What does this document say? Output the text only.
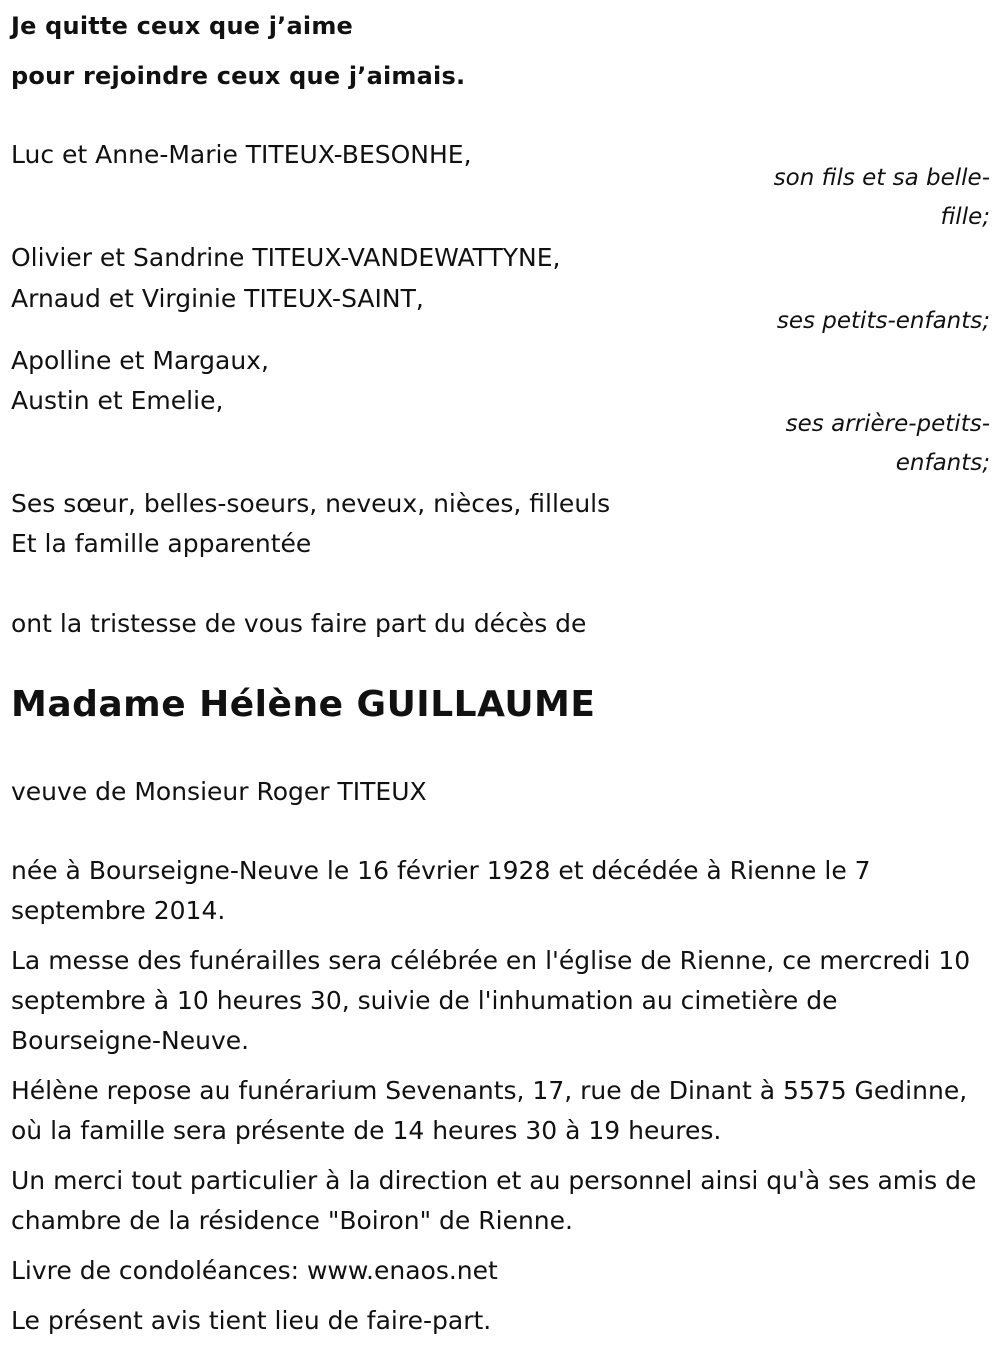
Je quitte ceux que j’aime

pour rejoindre ceux que j’aimais.

Luc et Anne-Marie TITEUX-BESONHE,

son fils et sa belle-

fille;

Olivier et Sandrine TITEUX-VANDEWATTYNE,

Arnaud et Virginie TITEUX-SAINT,

ses petits-enfants;

Apolline et Margaux,

Austin et Emelie,

ses arrière-petits-

enfants;

Ses sœur, belles-soeurs, neveux, nièces, filleuls

Et la famille apparentée

ont la tristesse de vous faire part du décès de

Madame Hélène GUILLAUME

veuve de Monsieur Roger TITEUX

née à Bourseigne-Neuve le 16 février 1928 et décédée à Rienne le 7 septembre 2014.

La messe des funérailles sera célébrée en l'église de Rienne, ce mercredi 10 septembre à 10 heures 30, suivie de l'inhumation au cimetière de Bourseigne-Neuve.

Hélène repose au funérarium Sevenants, 17, rue de Dinant à 5575 Gedinne, où la famille sera présente de 14 heures 30 à 19 heures.

Un merci tout particulier à la direction et au personnel ainsi qu'à ses amis de chambre de la résidence "Boiron" de Rienne.

Livre de condoléances: www.enaos.net

Le présent avis tient lieu de faire-part.
